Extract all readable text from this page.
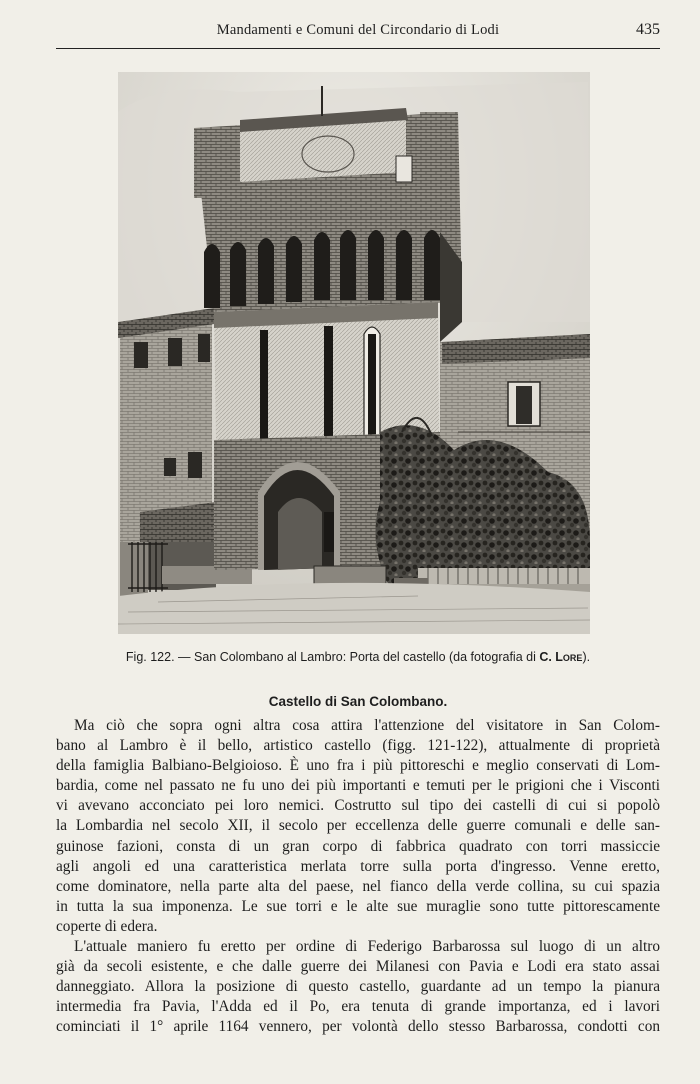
Mandamenti e Comuni del Circondario di Lodi	435
Fig. 122. — San Colombano al Lambro: Porta del castello (da fotografia di C. Lore).
Castello di San Colombano.
Ma ciò che sopra ogni altra cosa attira l'attenzione del visitatore in San Colom-
bano al Lambro è il bello, artistico castello (figg. 121-122), attualmente di proprietà
della famiglia Balbiano-Belgioioso. È uno fra i più pittoreschi e meglio conservati di Lom-
bardia, come nel passato ne fu uno dei più importanti e temuti per le prigioni che i Visconti
vi avevano acconciato pei loro nemici. Costrutto sul tipo dei castelli di cui si popolò
la Lombardia nel secolo XII, il secolo per eccellenza delle guerre comunali e delle san-
guinose fazioni, consta di un gran corpo di fabbrica quadrato con torri massiccie
agli angoli ed una caratteristica merlata torre sulla porta d'ingresso. Venne eretto,
come dominatore, nella parte alta del paese, nel fianco della verde collina, su cui spazia
in tutta la sua imponenza. Le sue torri e le alte sue muraglie sono tutte pittorescamente
coperte di edera.
L'attuale maniero fu eretto per ordine di Federigo Barbarossa sul luogo di un altro
già da secoli esistente, e che dalle guerre dei Milanesi con Pavia e Lodi era stato assai
danneggiato. Allora la posizione di questo castello, guardante ad un tempo la pianura
intermedia fra Pavia, l'Adda ed il Po, era tenuta di grande importanza, ed i lavori
cominciati il 1° aprile 1164 vennero, per volontà dello stesso Barbarossa, condotti con
